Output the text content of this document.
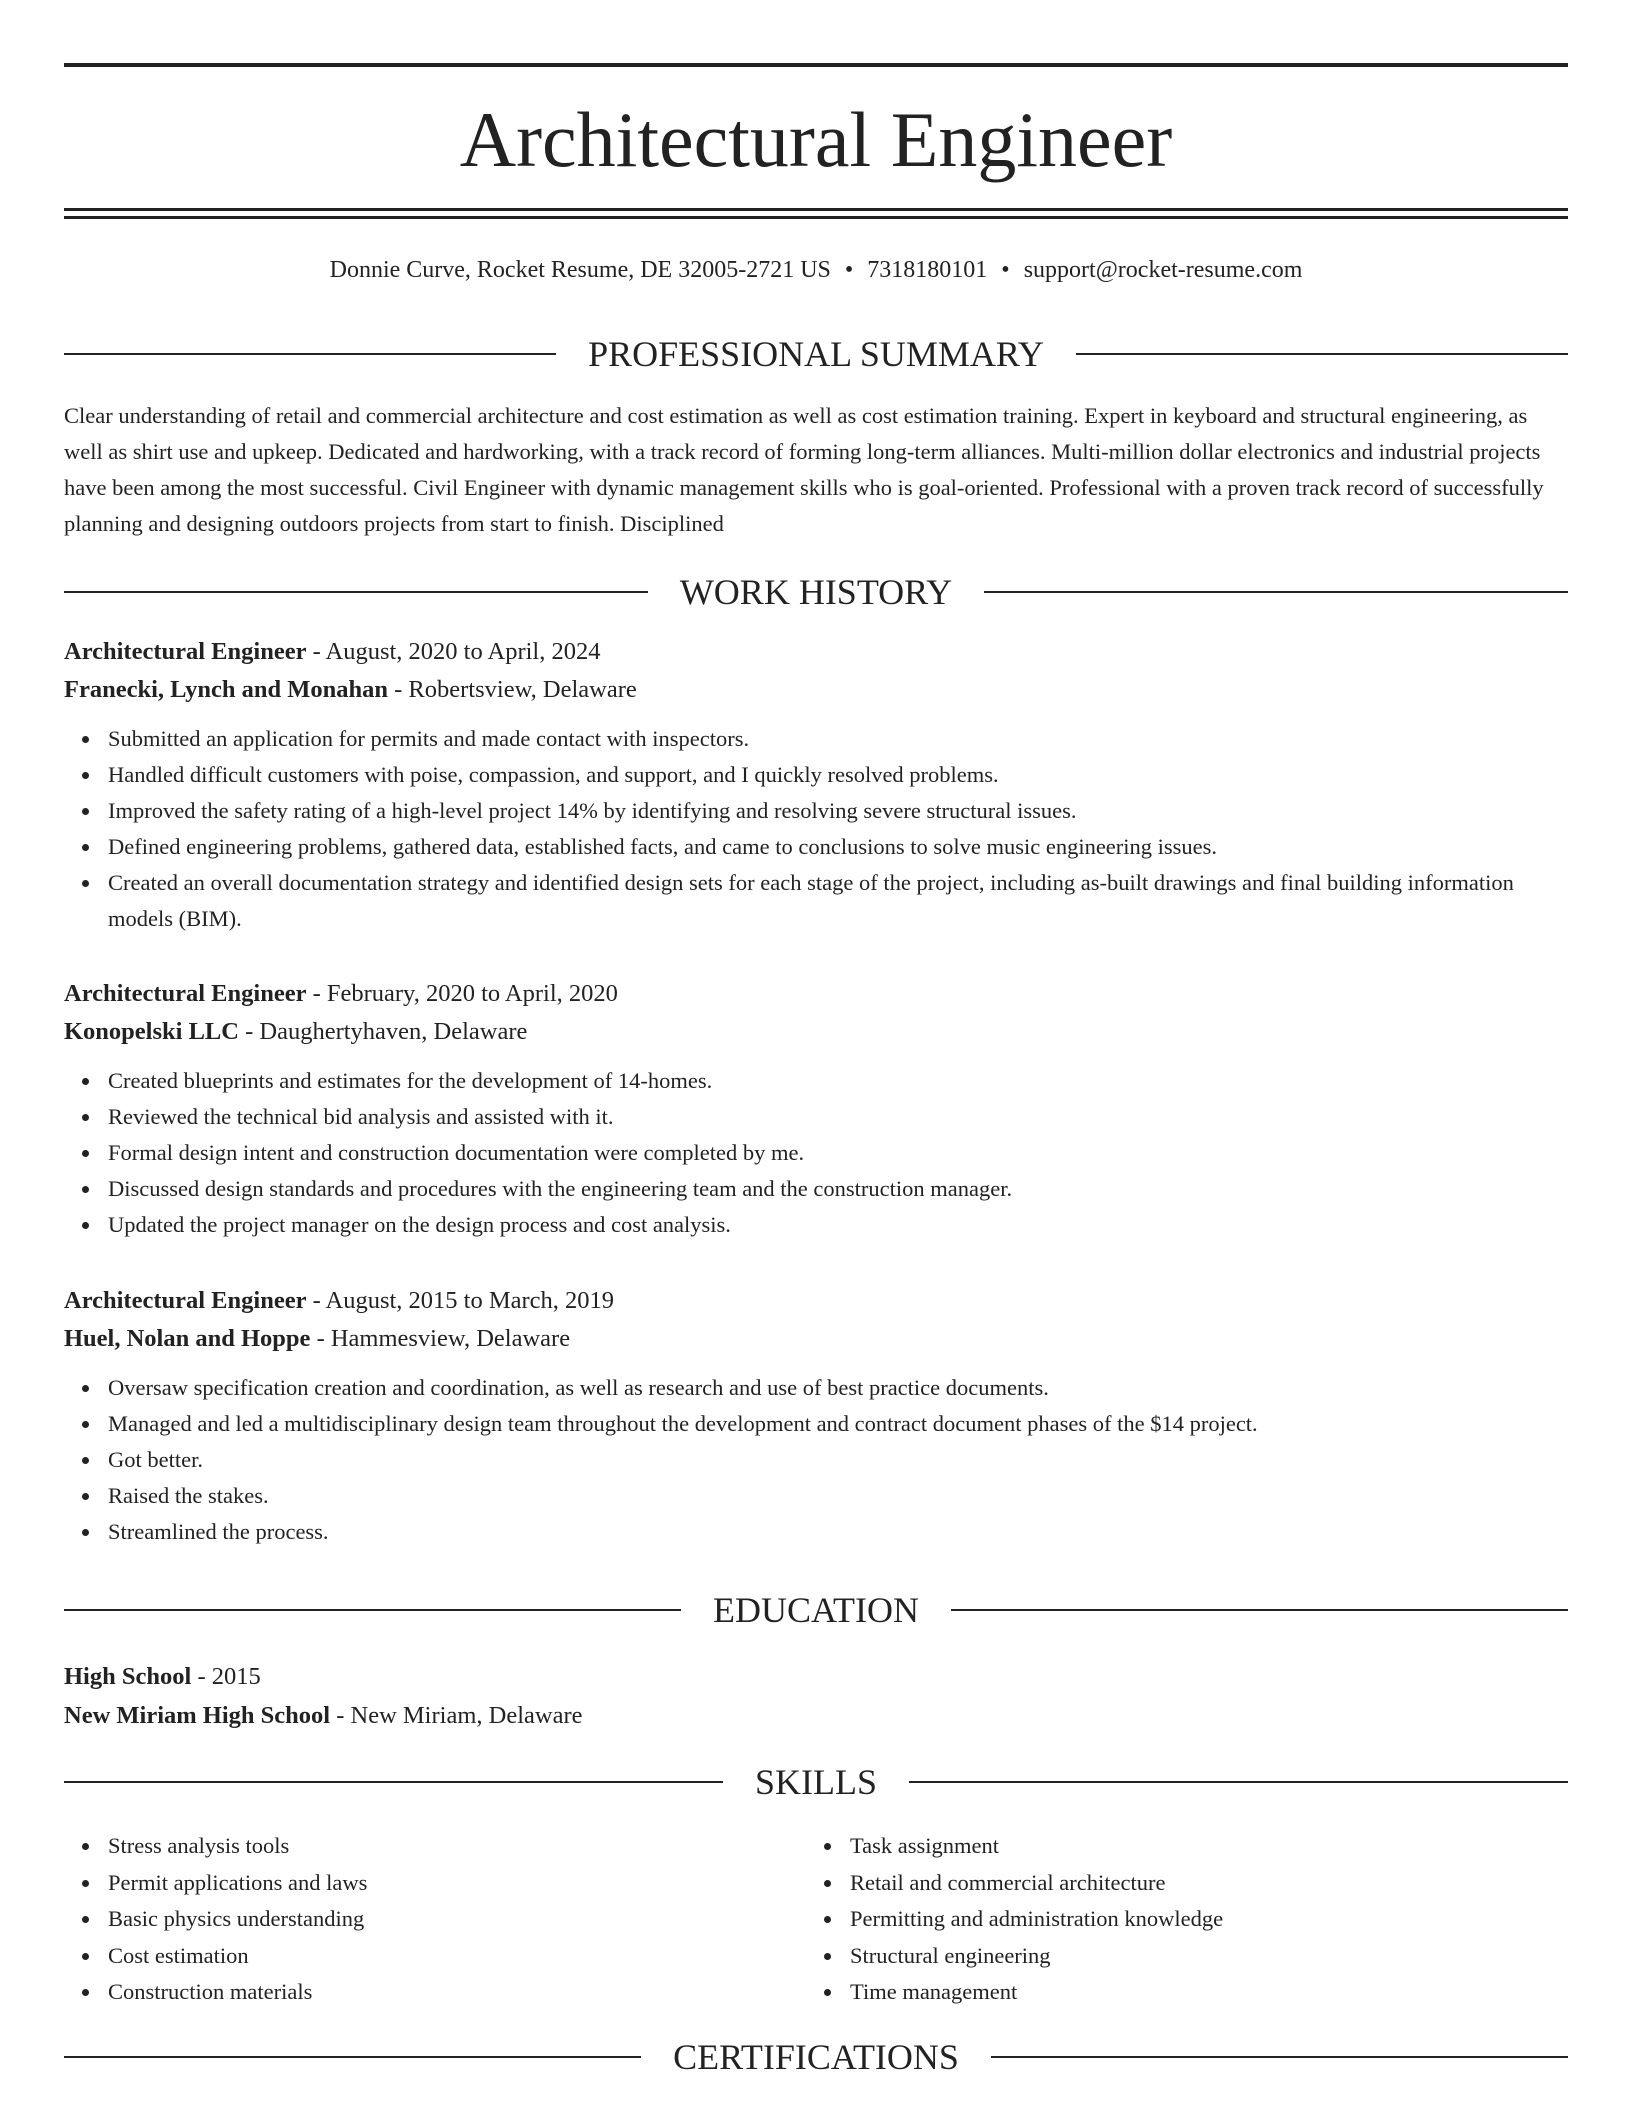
Architectural Engineer
Donnie Curve, Rocket Resume, DE 32005-2721 US • 7318180101 • support@rocket-resume.com
PROFESSIONAL SUMMARY

Clear understanding of retail and commercial architecture and cost estimation as well as cost estimation training. Expert in keyboard and structural engineering, as well as shirt use and upkeep. Dedicated and hardworking, with a track record of forming long-term alliances. Multi-million dollar electronics and industrial projects have been among the most successful. Civil Engineer with dynamic management skills who is goal-oriented. Professional with a proven track record of successfully planning and designing outdoors projects from start to finish. Disciplined

WORK HISTORY
Architectural Engineer - August, 2020 to April, 2024
Franecki, Lynch and Monahan - Robertsview, Delaware
Submitted an application for permits and made contact with inspectors.
Handled difficult customers with poise, compassion, and support, and I quickly resolved problems.
Improved the safety rating of a high-level project 14% by identifying and resolving severe structural issues.
Defined engineering problems, gathered data, established facts, and came to conclusions to solve music engineering issues.
Created an overall documentation strategy and identified design sets for each stage of the project, including as-built drawings and final building information models (BIM).
Architectural Engineer - February, 2020 to April, 2020
Konopelski LLC - Daughertyhaven, Delaware
Created blueprints and estimates for the development of 14-homes.
Reviewed the technical bid analysis and assisted with it.
Formal design intent and construction documentation were completed by me.
Discussed design standards and procedures with the engineering team and the construction manager.
Updated the project manager on the design process and cost analysis.
Architectural Engineer - August, 2015 to March, 2019
Huel, Nolan and Hoppe - Hammesview, Delaware
Oversaw specification creation and coordination, as well as research and use of best practice documents.
Managed and led a multidisciplinary design team throughout the development and contract document phases of the $14 project.
Got better.
Raised the stakes.
Streamlined the process.
EDUCATION
High School - 2015
New Miriam High School - New Miriam, Delaware
SKILLS
Stress analysis tools
Permit applications and laws
Basic physics understanding
Cost estimation
Construction materials
Task assignment
Retail and commercial architecture
Permitting and administration knowledge
Structural engineering
Time management
CERTIFICATIONS
